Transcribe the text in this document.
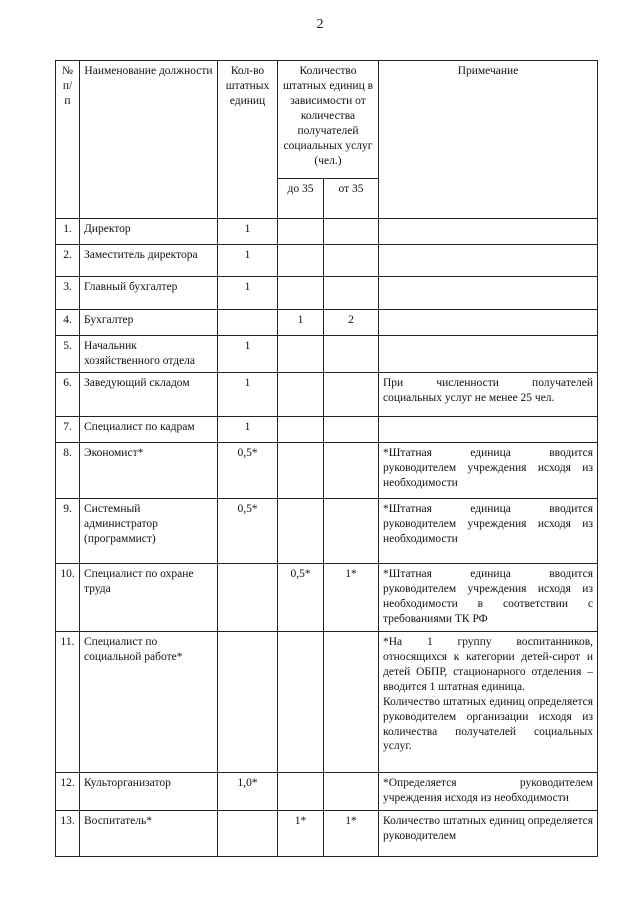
2
№ п/п	Наименование должности	Кол-во штатных единиц	Количество штатных единиц в зависимости от количества получателей социальных услуг (чел.)		Примечание
			до 35	от 35	
1.	Директор	1			
2.	Заместитель директора	1			
3.	Главный бухгалтер	1			
4.	Бухгалтер		1	2	
5.	Начальник хозяйственного отдела	1			
6.	Заведующий складом	1			При численности получателей социальных услуг не менее 25 чел.

7.	Специалист по кадрам	1			
8.	Экономист*	0,5*			*Штатная единица вводится руководителем учреждения исходя из необходимости

9.	Системный администратор (программист)	0,5*			*Штатная единица вводится руководителем учреждения исходя из необходимости

10.	Специалист по охране труда		0,5*	1*	*Штатная единица вводится руководителем учреждения исходя из необходимости в соответствии с требованиями ТК РФ

11.	Специалист по социальной работе*				*На 1 группу воспитанников, относящихся к категории детей-сирот и детей ОБПР, стационарного отделения – вводится 1 штатная единица.
Количество штатных единиц определяется руководителем организации исходя из количества получателей социальных услуг.

12.	Культорганизатор	1,0*			*Определяется руководителем учреждения исходя из необходимости

13.	Воспитатель*		1*	1*	Количество штатных единиц определяется руководителем
